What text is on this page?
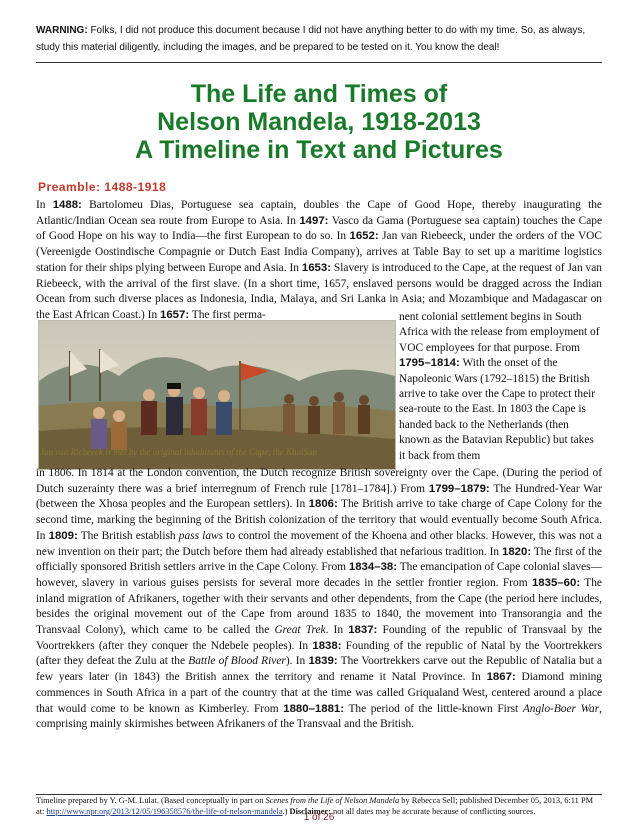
WARNING: Folks, I did not produce this document because I did not have anything better to do with my time. So, as always, study this material diligently, including the images, and be prepared to be tested on it. You know the deal!
The Life and Times of
Nelson Mandela, 1918-2013
A Timeline in Text and Pictures
Preamble: 1488-1918
In 1488: Bartolomeu Dias, Portuguese sea captain, doubles the Cape of Good Hope, thereby inaugurating the Atlantic/Indian Ocean sea route from Europe to Asia. In 1497: Vasco da Gama (Portuguese sea captain) touches the Cape of Good Hope on his way to India—the first European to do so. In 1652: Jan van Riebeeck, under the orders of the VOC (Vereenigde Oostindische Compagnie or Dutch East India Company), arrives at Table Bay to set up a maritime logistics station for their ships plying between Europe and Asia. In 1653: Slavery is introduced to the Cape, at the request of Jan van Riebeeck, with the arrival of the first slave. (In a short time, 1657, enslaved persons would be dragged across the Indian Ocean from such diverse places as Indonesia, India, Malaya, and Sri Lanka in Asia; and Mozambique and Madagascar on the East African Coast.) In 1657: The first perma-
Jan van Riebeeck is met by the original inhabitants of the Cape, the KhoiSan
nent colonial settlement begins in South Africa with the release from employment of VOC employees for that purpose. From 1795–1814: With the onset of the Napoleonic Wars (1792–1815) the British arrive to take over the Cape to protect their sea-route to the East. In 1803 the Cape is handed back to the Netherlands (then known as the Batavian Republic) but takes it back from them
in 1806. In 1814 at the London convention, the Dutch recognize British sovereignty over the Cape. (During the period of Dutch suzerainty there was a brief interregnum of French rule [1781–1784].) From 1799–1879: The Hundred-Year War (between the Xhosa peoples and the European settlers). In 1806: The British arrive to take charge of Cape Colony for the second time, marking the beginning of the British colonization of the territory that would eventually become South Africa. In 1809: The British establish pass laws to control the movement of the Khoena and other blacks. However, this was not a new invention on their part; the Dutch before them had already established that nefarious tradition. In 1820: The first of the officially sponsored British settlers arrive in the Cape Colony. From 1834–38: The emancipation of Cape colonial slaves—however, slavery in various guises persists for several more decades in the settler frontier region. From 1835–60: The inland migration of Afrikaners, together with their servants and other dependents, from the Cape (the period here includes, besides the original movement out of the Cape from around 1835 to 1840, the movement into Transorangia and the Transvaal Colony), which came to be called the Great Trek. In 1837: Founding of the republic of Transvaal by the Voortrekkers (after they conquer the Ndebele peoples). In 1838: Founding of the republic of Natal by the Voortrekkers (after they defeat the Zulu at the Battle of Blood River). In 1839: The Voortrekkers carve out the Republic of Natalia but a few years later (in 1843) the British annex the territory and rename it Natal Province. In 1867: Diamond mining commences in South Africa in a part of the country that at the time was called Griqualand West, centered around a place that would come to be known as Kimberley. From 1880–1881: The period of the little-known First Anglo-Boer War, comprising mainly skirmishes between Afrikaners of the Transvaal and the British.
Timeline prepared by Y. G-M. Lulat. (Based conceptually in part on Scenes from the Life of Nelson Mandela by Rebecca Sell; published December 05, 2013, 6:11 PM at: http://www.npr.org/2013/12/05/196358576/the-life-of-nelson-mandela.) Disclaimer: not all dates may be accurate because of conflicting sources.
1 of 26
